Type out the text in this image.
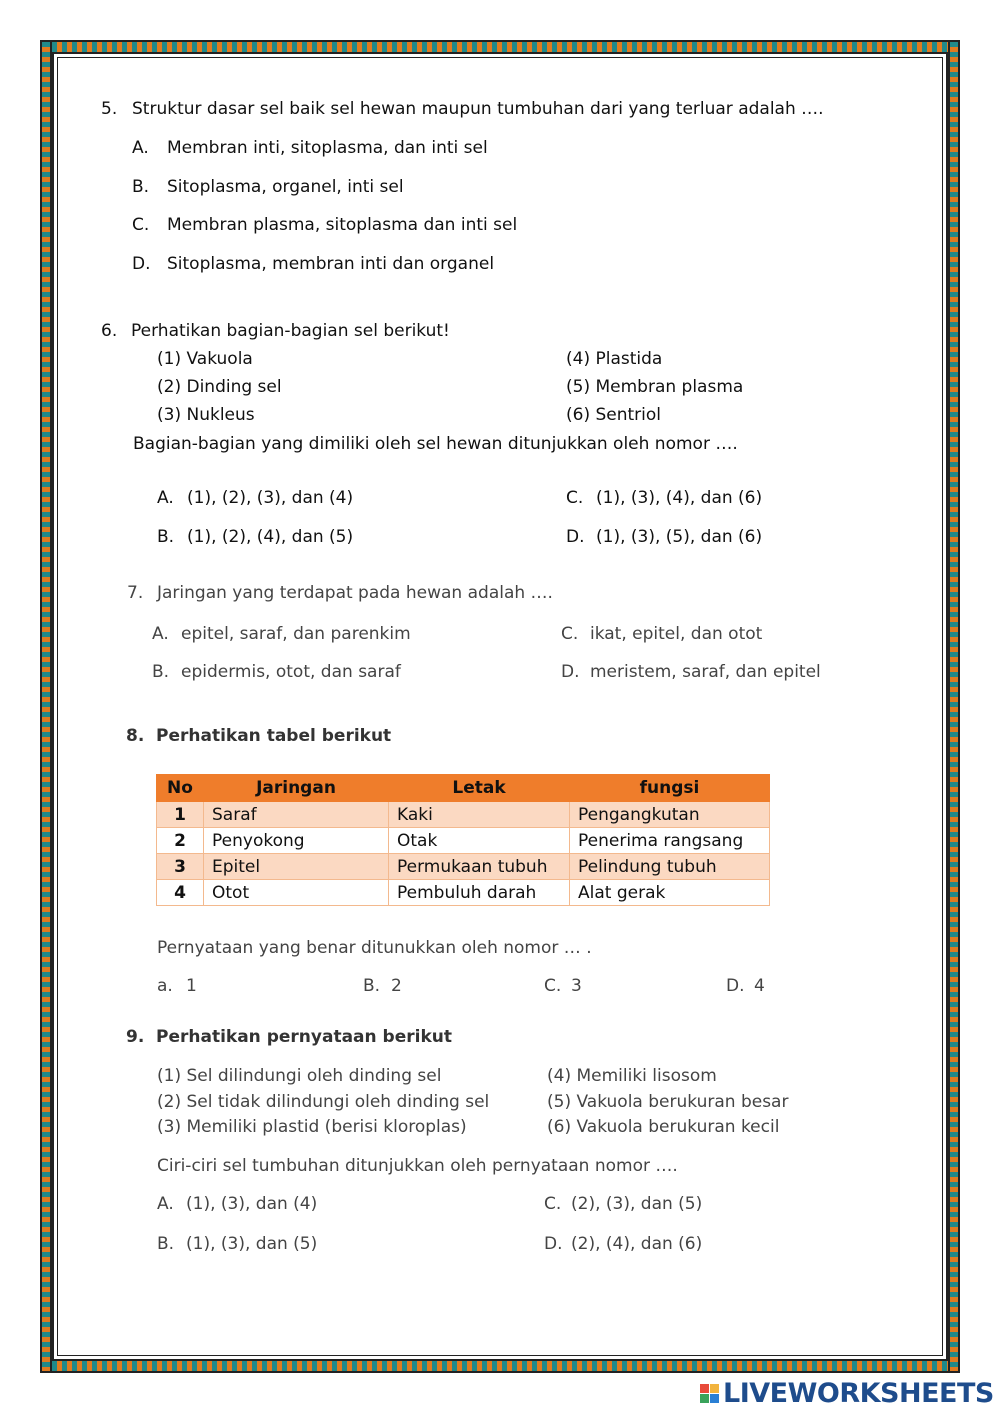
5. Struktur dasar sel baik sel hewan maupun tumbuhan dari yang terluar adalah ….
A. Membran inti, sitoplasma, dan inti sel
B. Sitoplasma, organel, inti sel
C. Membran plasma, sitoplasma dan inti sel
D. Sitoplasma, membran inti dan organel
6. Perhatikan bagian-bagian sel berikut!
(1) Vakuola
(2) Dinding sel
(3) Nukleus
(4) Plastida
(5) Membran plasma
(6) Sentriol
Bagian-bagian yang dimiliki oleh sel hewan ditunjukkan oleh nomor ….
A. (1), (2), (3), dan (4)
B. (1), (2), (4), dan (5)
C. (1), (3), (4), dan (6)
D. (1), (3), (5), dan (6)
7. Jaringan yang terdapat pada hewan adalah ….
A. epitel, saraf, dan parenkim
B. epidermis, otot, dan saraf
C. ikat, epitel, dan otot
D. meristem, saraf, dan epitel
8. Perhatikan tabel berikut
No	Jaringan	Letak	fungsi
1	Saraf	Kaki	Pengangkutan
2	Penyokong	Otak	Penerima rangsang
3	Epitel	Permukaan tubuh	Pelindung tubuh
4	Otot	Pembuluh darah	Alat gerak
Pernyataan yang benar ditunukkan oleh nomor … .
a. 1	B. 2	C. 3	D. 4
9. Perhatikan pernyataan berikut
(1) Sel dilindungi oleh dinding sel
(2) Sel tidak dilindungi oleh dinding sel
(3) Memiliki plastid (berisi kloroplas)
(4) Memiliki lisosom
(5) Vakuola berukuran besar
(6) Vakuola berukuran kecil
Ciri-ciri sel tumbuhan ditunjukkan oleh pernyataan nomor ….
A. (1), (3), dan (4)
B. (1), (3), dan (5)
C. (2), (3), dan (5)
D. (2), (4), dan (6)
LIVEWORKSHEETS
